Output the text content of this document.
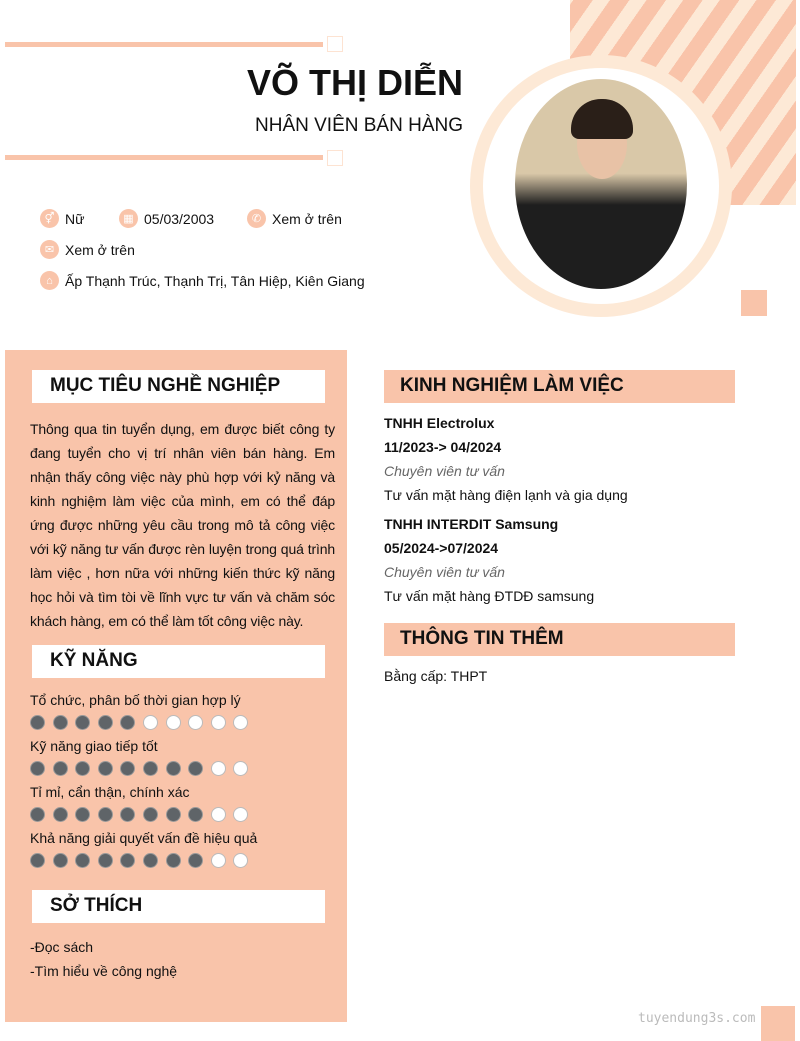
VÕ THỊ DIỄN
NHÂN VIÊN BÁN HÀNG
⚥ Nữ	▦ 05/03/2003	✆ Xem ở trên
✉ Xem ở trên
⌂ Ấp Thạnh Trúc, Thạnh Trị, Tân Hiệp, Kiên Giang
MỤC TIÊU NGHỀ NGHIỆP
Thông qua tin tuyển dụng, em được biết công ty đang tuyển cho vị trí nhân viên bán hàng. Em nhận thấy công việc này phù hợp với kỷ năng và kinh nghiệm làm việc của mình, em có thể đáp ứng được những yêu cầu trong mô tả công việc với kỹ năng tư vấn được rèn luyện trong quá trình làm việc , hơn nữa với những kiến thức kỹ năng học hỏi và tìm tòi về lĩnh vực tư vấn và chăm sóc khách hàng, em có thể làm tốt công việc này.
KỸ NĂNG
Tổ chức, phân bố thời gian hợp lý
Kỹ năng giao tiếp tốt
Tỉ mỉ, cẩn thận, chính xác
Khả năng giải quyết vấn đề hiệu quả
SỞ THÍCH
-Đọc sách
-Tìm hiểu về công nghệ
KINH NGHIỆM LÀM VIỆC
TNHH Electrolux
11/2023-> 04/2024
Chuyên viên tư vấn
Tư vấn mặt hàng điện lạnh và gia dụng
TNHH INTERDIT Samsung
05/2024->07/2024
Chuyên viên tư vấn
Tư vấn mặt hàng ĐTDĐ samsung
THÔNG TIN THÊM
Bằng cấp: THPT
tuyendung3s.com
